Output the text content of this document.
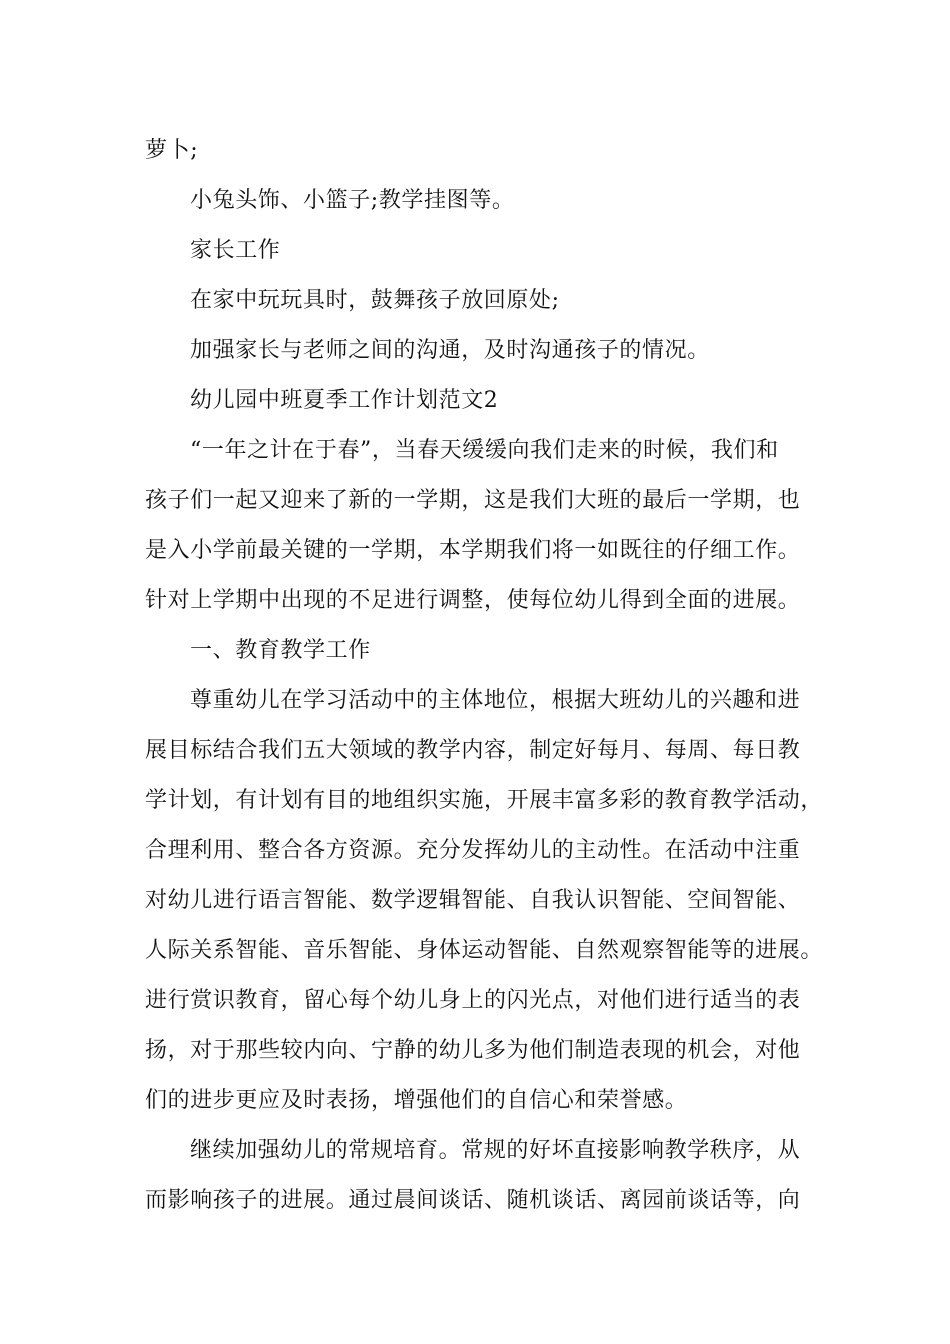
萝卜;
小兔头饰、小篮子;教学挂图等。
家长工作
在家中玩玩具时，鼓舞孩子放回原处;
加强家长与老师之间的沟通，及时沟通孩子的情况。
幼儿园中班夏季工作计划范文2
“一年之计在于春”，当春天缓缓向我们走来的时候，我们和
孩子们一起又迎来了新的一学期，这是我们大班的最后一学期，也
是入小学前最关键的一学期，本学期我们将一如既往的仔细工作。
针对上学期中出现的不足进行调整，使每位幼儿得到全面的进展。
一、教育教学工作
尊重幼儿在学习活动中的主体地位，根据大班幼儿的兴趣和进
展目标结合我们五大领域的教学内容，制定好每月、每周、每日教
学计划，有计划有目的地组织实施，开展丰富多彩的教育教学活动，
合理利用、整合各方资源。充分发挥幼儿的主动性。在活动中注重
对幼儿进行语言智能、数学逻辑智能、自我认识智能、空间智能、
人际关系智能、音乐智能、身体运动智能、自然观察智能等的进展。
进行赏识教育，留心每个幼儿身上的闪光点，对他们进行适当的表
扬，对于那些较内向、宁静的幼儿多为他们制造表现的机会，对他
们的进步更应及时表扬，增强他们的自信心和荣誉感。
继续加强幼儿的常规培育。常规的好坏直接影响教学秩序，从
而影响孩子的进展。通过晨间谈话、随机谈话、离园前谈话等，向
